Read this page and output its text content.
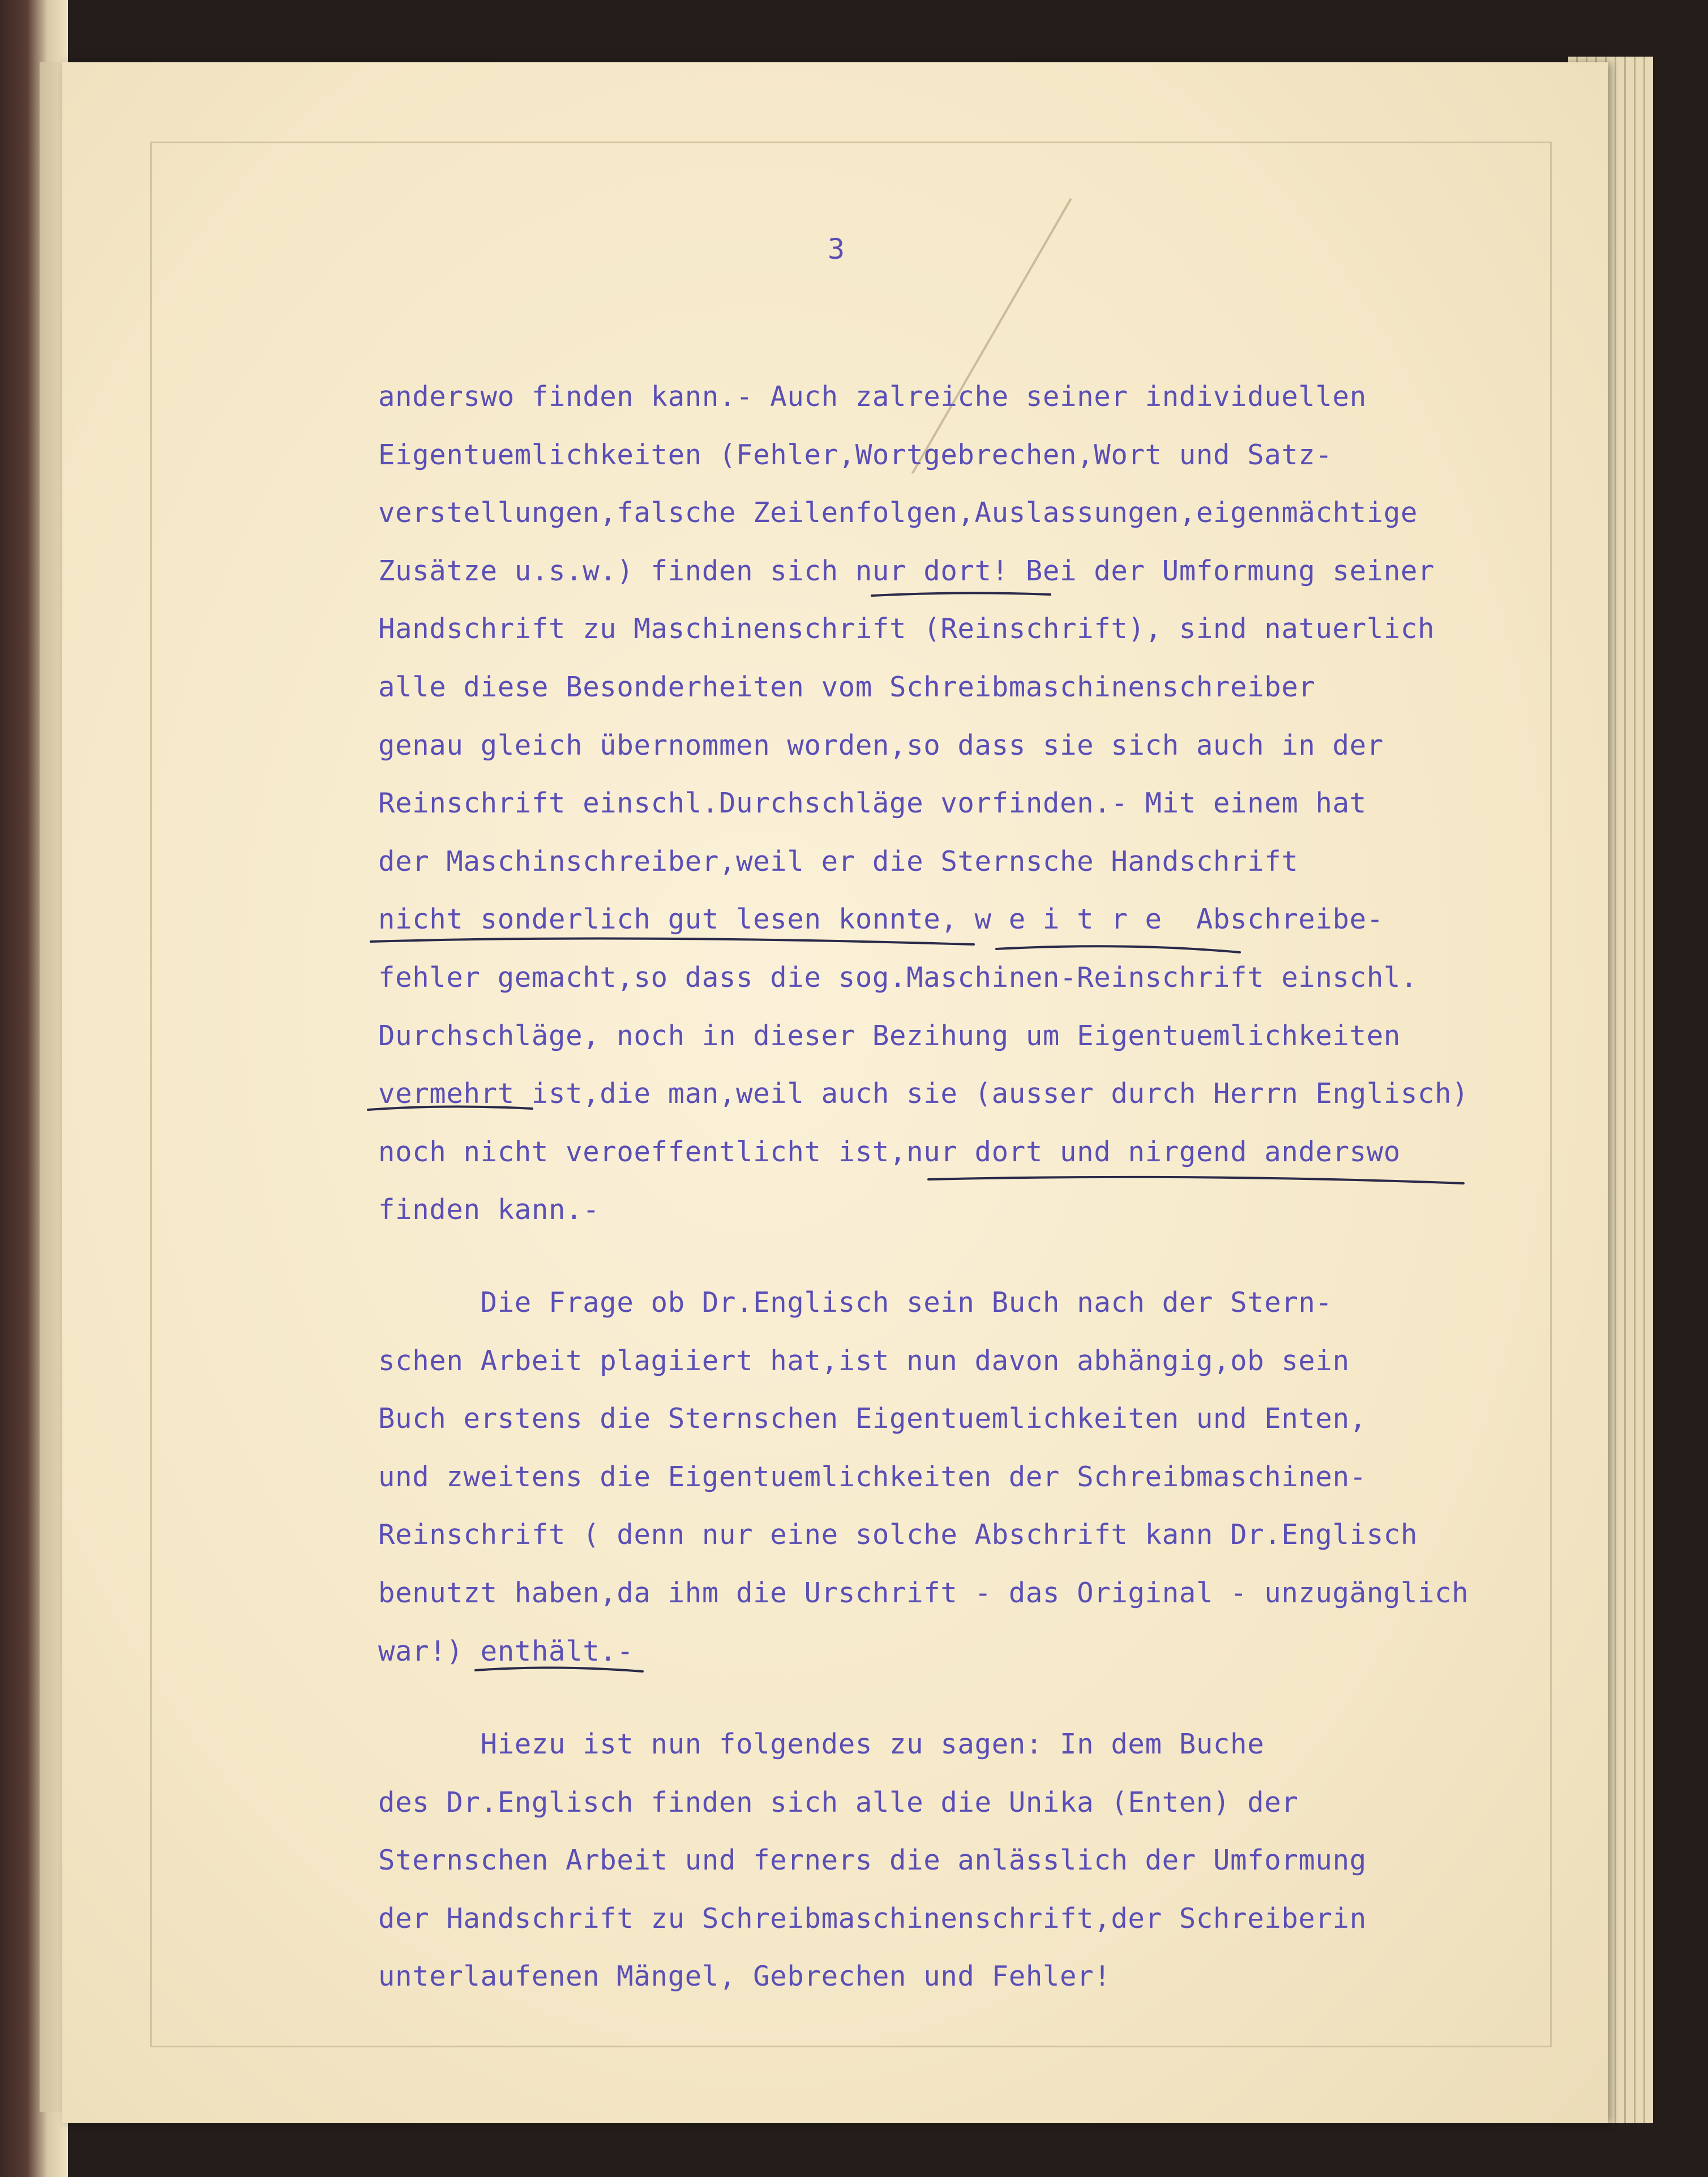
3
anderswo finden kann.- Auch zalreiche seiner individuellen
Eigentuemlichkeiten (Fehler,Wortgebrechen,Wort und Satz-
verstellungen,falsche Zeilenfolgen,Auslassungen,eigenmächtige
Zusätze u.s.w.) finden sich nur dort! Bei der Umformung seiner
Handschrift zu Maschinenschrift (Reinschrift), sind natuerlich
alle diese Besonderheiten vom Schreibmaschinenschreiber
genau gleich übernommen worden,so dass sie sich auch in der
Reinschrift einschl.Durchschläge vorfinden.- Mit einem hat
der Maschinschreiber,weil er die Sternsche Handschrift
nicht sonderlich gut lesen konnte, w e i t r e  Abschreibe-
fehler gemacht,so dass die sog.Maschinen-Reinschrift einschl.
Durchschläge, noch in dieser Bezihung um Eigentuemlichkeiten
vermehrt ist,die man,weil auch sie (ausser durch Herrn Englisch)
noch nicht veroeffentlicht ist,nur dort und nirgend anderswo
finden kann.-
Die Frage ob Dr.Englisch sein Buch nach der Stern-
schen Arbeit plagiiert hat,ist nun davon abhängig,ob sein
Buch erstens die Sternschen Eigentuemlichkeiten und Enten,
und zweitens die Eigentuemlichkeiten der Schreibmaschinen-
Reinschrift ( denn nur eine solche Abschrift kann Dr.Englisch
benutzt haben,da ihm die Urschrift - das Original - unzugänglich
war!) enthält.-
Hiezu ist nun folgendes zu sagen: In dem Buche
des Dr.Englisch finden sich alle die Unika (Enten) der
Sternschen Arbeit und ferners die anlässlich der Umformung
der Handschrift zu Schreibmaschinenschrift,der Schreiberin
unterlaufenen Mängel, Gebrechen und Fehler!
